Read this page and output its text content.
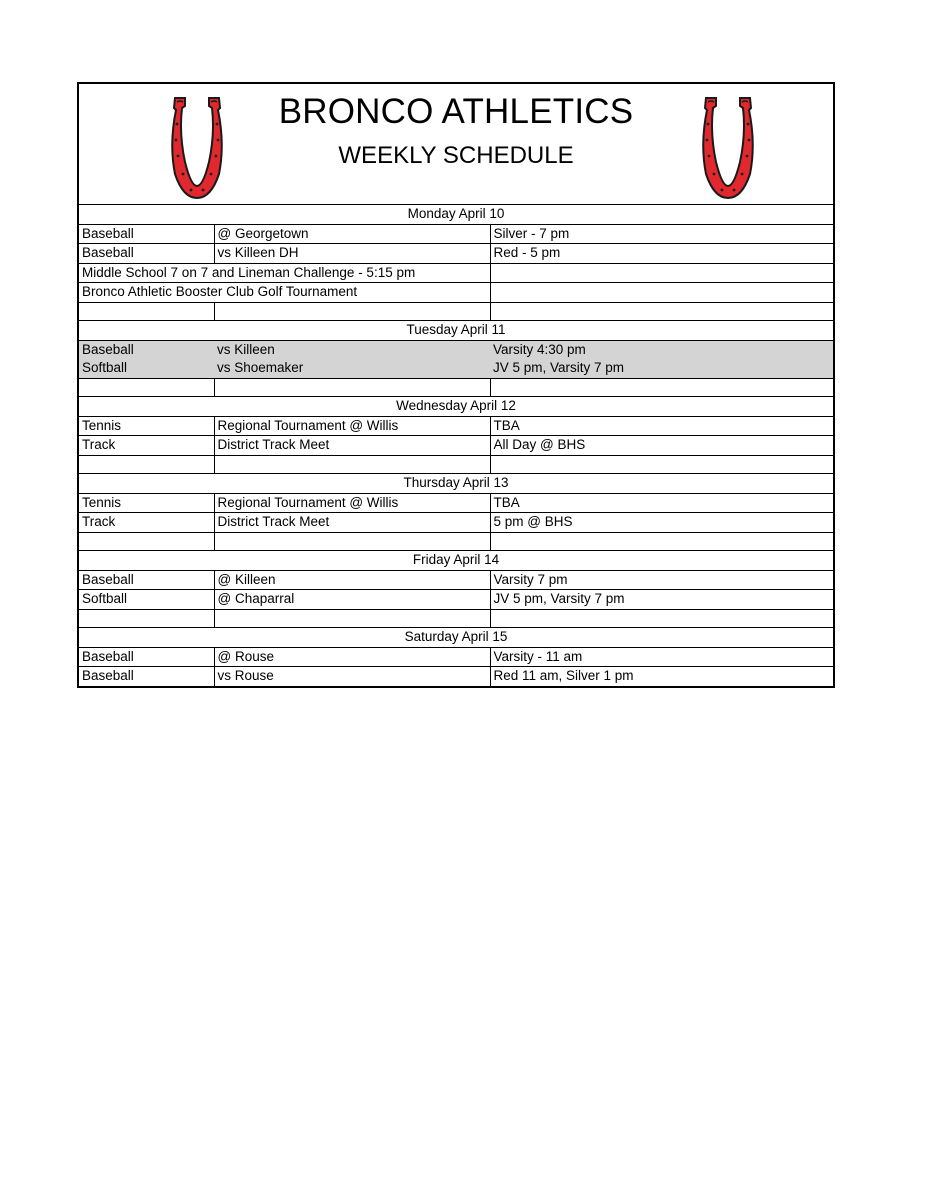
BRONCO ATHLETICS
WEEKLY SCHEDULE
Monday April 10		
Baseball	@ Georgetown	Silver - 7 pm
Baseball	vs Killeen DH	Red - 5 pm
Middle School 7 on 7 and Lineman Challenge - 5:15 pm		
Bronco Athletic Booster Club Golf Tournament		

Tuesday April 11		
Baseball	vs Killeen	Varsity 4:30 pm
Softball	vs Shoemaker	JV 5 pm, Varsity 7 pm

Wednesday April 12		
Tennis	Regional Tournament @ Willis	TBA
Track	District Track Meet	All Day @ BHS

Thursday April 13		
Tennis	Regional Tournament @ Willis	TBA
Track	District Track Meet	5 pm @ BHS

Friday April 14		
Baseball	@ Killeen	Varsity 7 pm
Softball	@ Chaparral	JV 5 pm, Varsity 7 pm

Saturday April 15		
Baseball	@ Rouse	Varsity - 11 am
Baseball	vs Rouse	Red 11 am, Silver 1 pm
